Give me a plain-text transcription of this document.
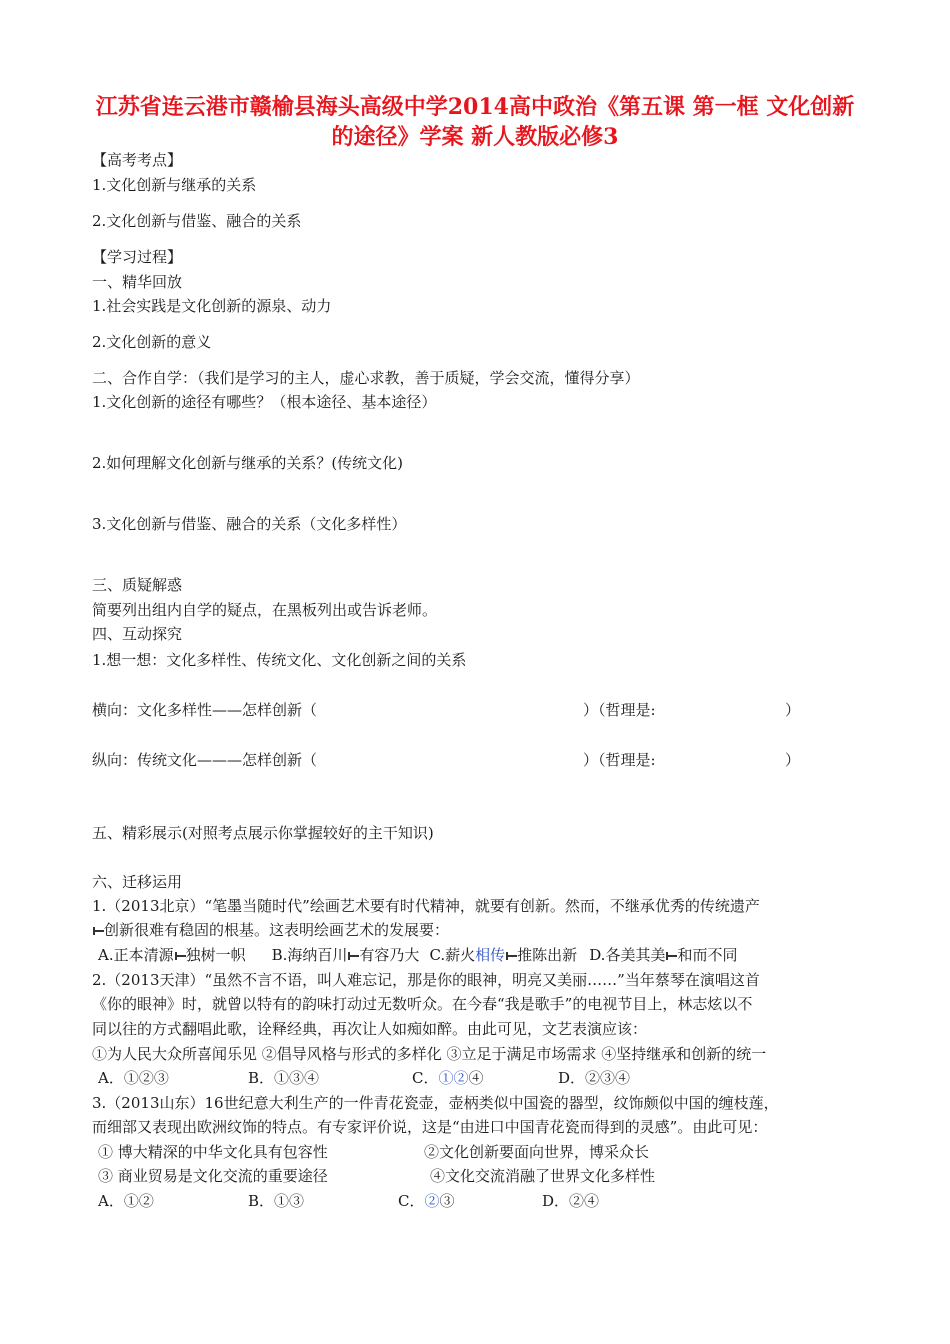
江苏省连云港市赣榆县海头高级中学2014高中政治《第五课 第一框 文化创新
的途径》学案 新人教版必修3
【高考考点】
1.文化创新与继承的关系
2.文化创新与借鉴、融合的关系
【学习过程】
一、精华回放
1.社会实践是文化创新的源泉、动力
2.文化创新的意义
二、合作自学：（我们是学习的主人，虚心求教，善于质疑，学会交流，懂得分享）
1.文化创新的途径有哪些？（根本途径、基本途径）
2.如何理解文化创新与继承的关系？(传统文化)
3.文化创新与借鉴、融合的关系（文化多样性）
三、质疑解惑
简要列出组内自学的疑点，在黑板列出或告诉老师。
四、互动探究
1.想一想：文化多样性、传统文化、文化创新之间的关系
横向：文化多样性——怎样创新（	）（哲理是:	）
纵向：传统文化———怎样创新（	）（哲理是:	）
五、精彩展示(对照考点展示你掌握较好的主干知识)
六、迁移运用
1.（2013北京）“笔墨当随时代”绘画艺术要有时代精神，就要有创新。然而，不继承优秀的传统遗产
创新很难有稳固的根基。这表明绘画艺术的发展要：
A.正本清源 独树一帜 B.海纳百川 有容乃大 C.薪火相传 推陈出新 D.各美其美 和而不同
2.（2013天津）“虽然不言不语，叫人难忘记，那是你的眼神，明亮又美丽……”当年蔡琴在演唱这首
《你的眼神》时，就曾以特有的韵味打动过无数听众。在今春“我是歌手”的电视节目上，林志炫以不
同以往的方式翻唱此歌，诠释经典，再次让人如痴如醉。由此可见，文艺表演应该：
①为人民大众所喜闻乐见 ②倡导风格与形式的多样化 ③立足于满足市场需求 ④坚持继承和创新的统一
A．①②③	B．①③④	C．①②④	D．②③④
3.（2013山东）16世纪意大利生产的一件青花瓷壶，壶柄类似中国瓷的器型，纹饰颇似中国的缠枝莲，
而细部又表现出欧洲纹饰的特点。有专家评价说，这是“由进口中国青花瓷而得到的灵感”。由此可见：
① 博大精深的中华文化具有包容性	②文化创新要面向世界，博采众长
③ 商业贸易是文化交流的重要途径	④文化交流消融了世界文化多样性
A．①②	B．①③	C．②③	D．②④
